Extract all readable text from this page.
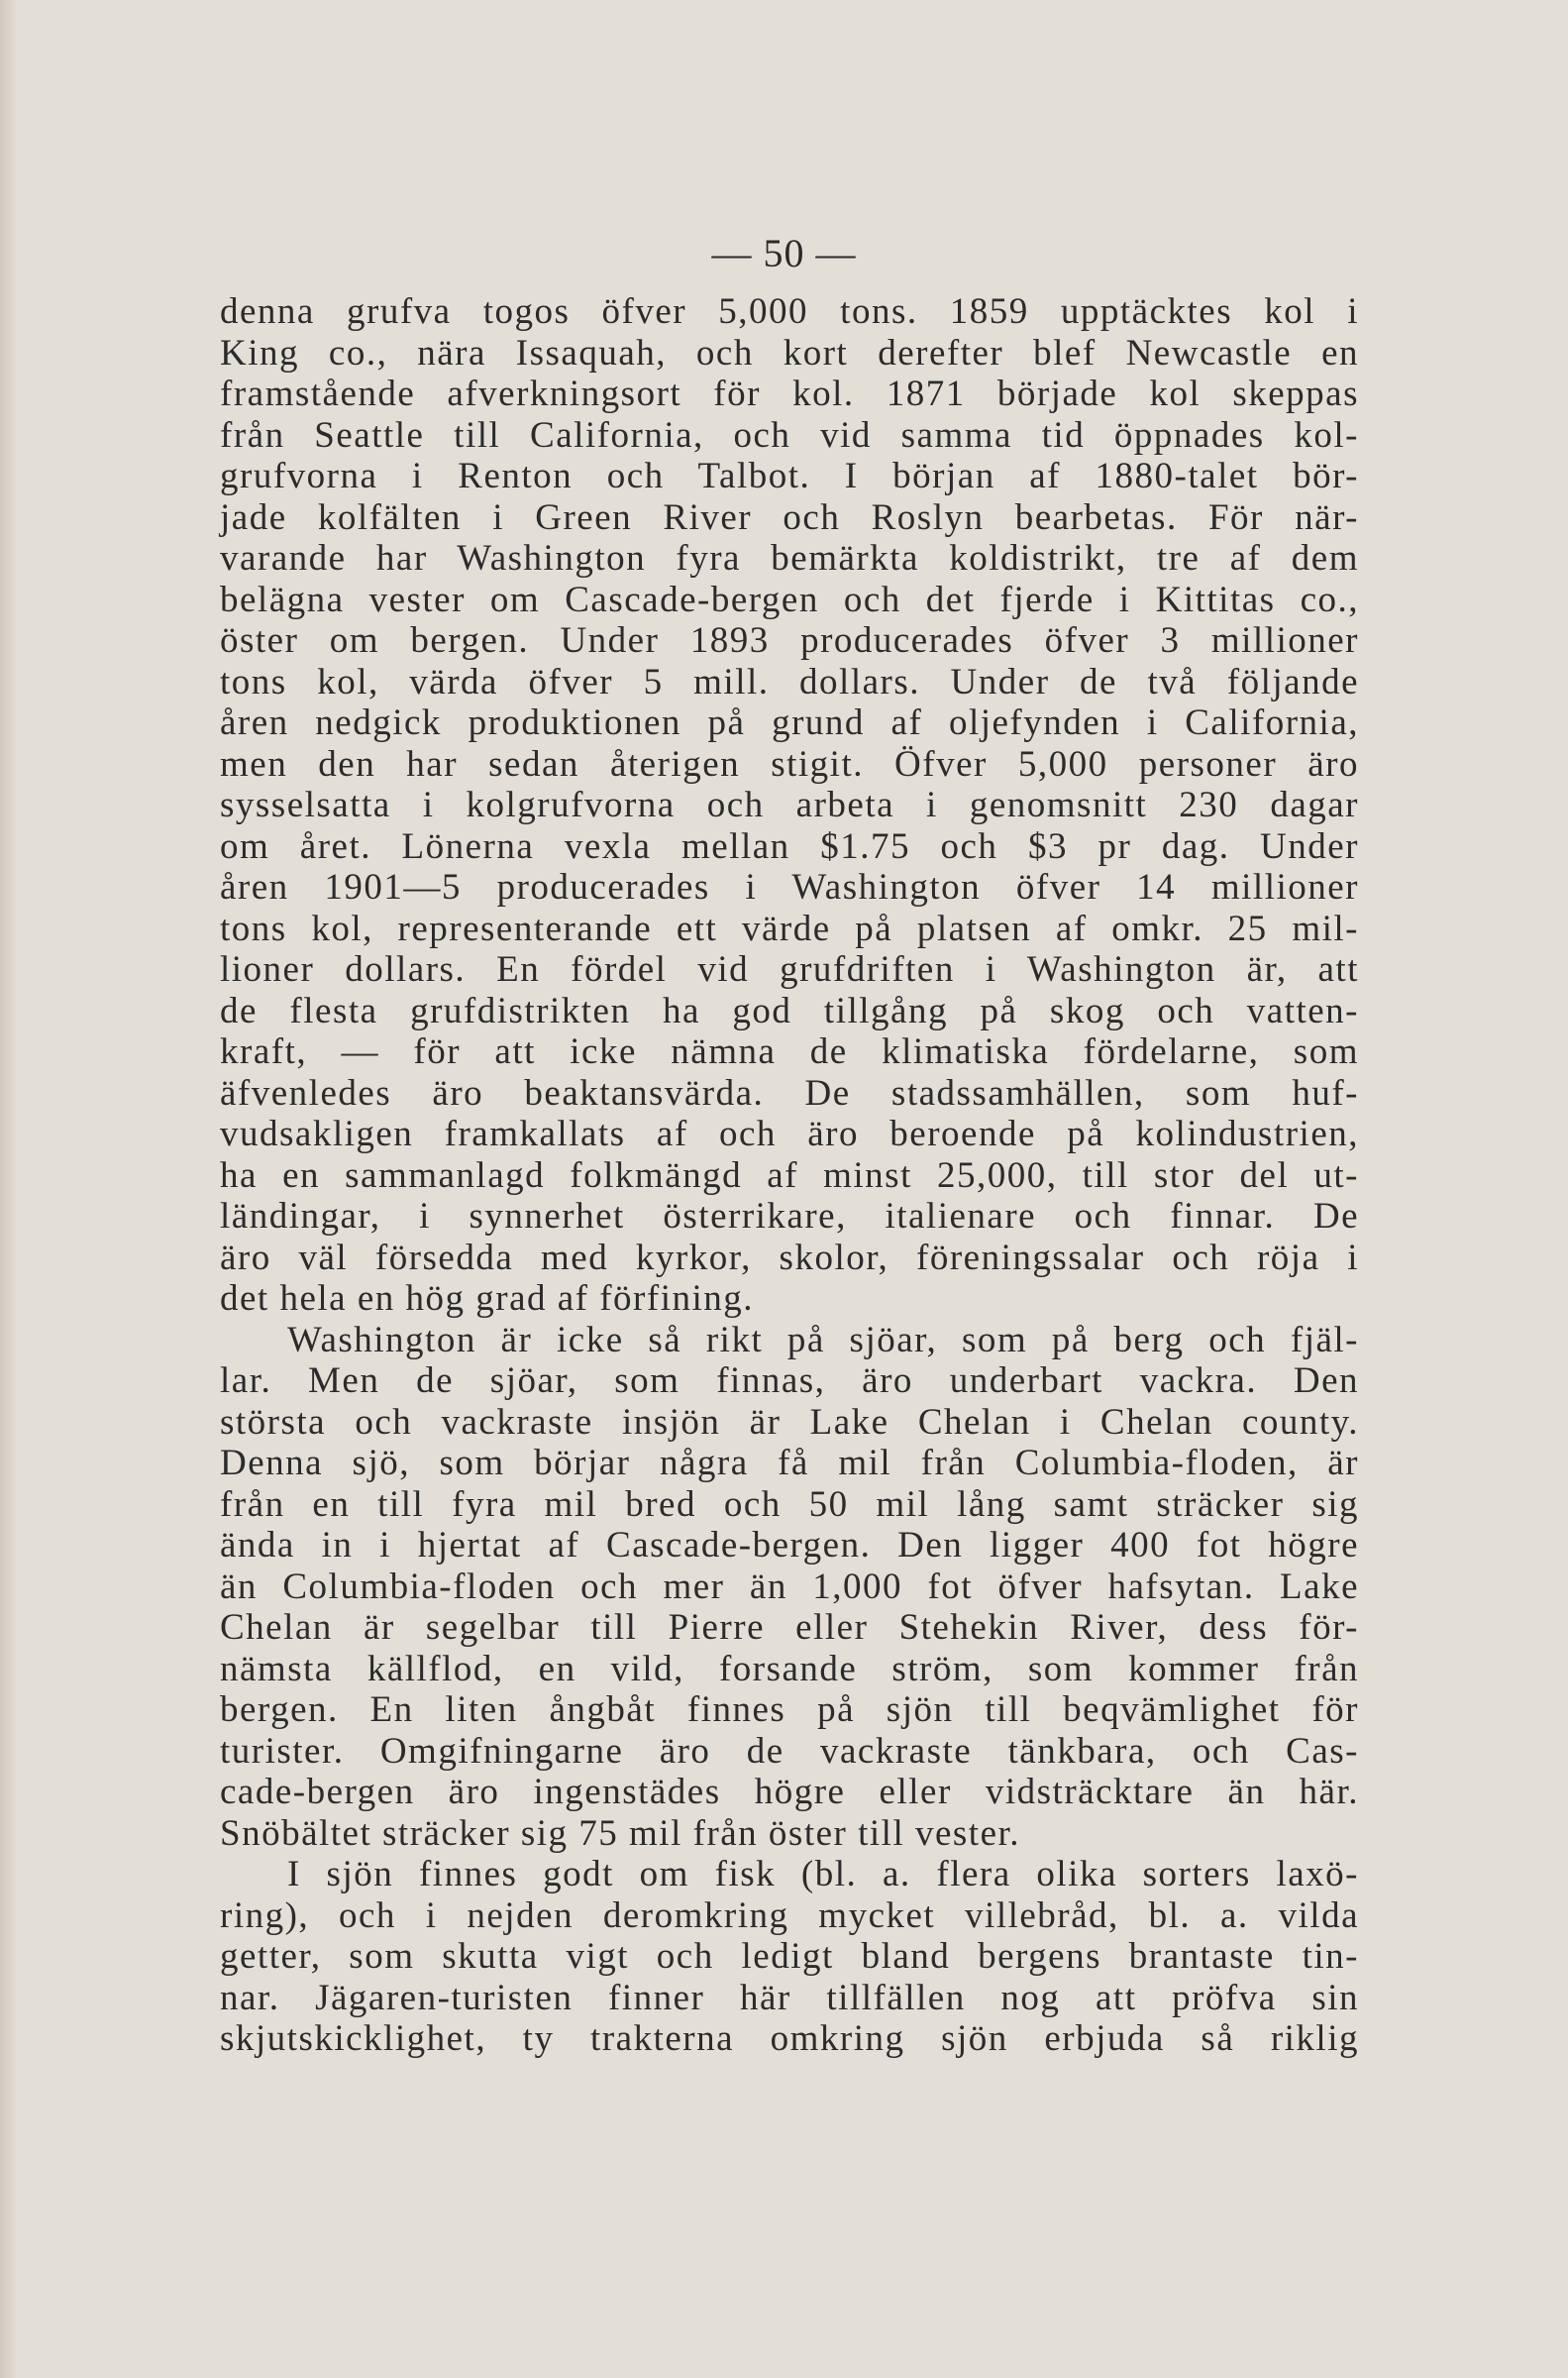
— 50 —
denna grufva togos öfver 5,000 tons. 1859 upptäcktes kol i
King co., nära Issaquah, och kort derefter blef Newcastle en
framstående afverkningsort för kol. 1871 började kol skeppas
från Seattle till California, och vid samma tid öppnades kol-
grufvorna i Renton och Talbot. I början af 1880-talet bör-
jade kolfälten i Green River och Roslyn bearbetas. För när-
varande har Washington fyra bemärkta koldistrikt, tre af dem
belägna vester om Cascade-bergen och det fjerde i Kittitas co.,
öster om bergen. Under 1893 producerades öfver 3 millioner
tons kol, värda öfver 5 mill. dollars. Under de två följande
åren nedgick produktionen på grund af oljefynden i California,
men den har sedan återigen stigit. Öfver 5,000 personer äro
sysselsatta i kolgrufvorna och arbeta i genomsnitt 230 dagar
om året. Lönerna vexla mellan $1.75 och $3 pr dag. Under
åren 1901—5 producerades i Washington öfver 14 millioner
tons kol, representerande ett värde på platsen af omkr. 25 mil-
lioner dollars. En fördel vid grufdriften i Washington är, att
de flesta grufdistrikten ha god tillgång på skog och vatten-
kraft, — för att icke nämna de klimatiska fördelarne, som
äfvenledes äro beaktansvärda. De stadssamhällen, som huf-
vudsakligen framkallats af och äro beroende på kolindustrien,
ha en sammanlagd folkmängd af minst 25,000, till stor del ut-
ländingar, i synnerhet österrikare, italienare och finnar. De
äro väl försedda med kyrkor, skolor, föreningssalar och röja i
det hela en hög grad af förfining.
Washington är icke så rikt på sjöar, som på berg och fjäl-
lar. Men de sjöar, som finnas, äro underbart vackra. Den
största och vackraste insjön är Lake Chelan i Chelan county.
Denna sjö, som börjar några få mil från Columbia-floden, är
från en till fyra mil bred och 50 mil lång samt sträcker sig
ända in i hjertat af Cascade-bergen. Den ligger 400 fot högre
än Columbia-floden och mer än 1,000 fot öfver hafsytan. Lake
Chelan är segelbar till Pierre eller Stehekin River, dess för-
nämsta källflod, en vild, forsande ström, som kommer från
bergen. En liten ångbåt finnes på sjön till beqvämlighet för
turister. Omgifningarne äro de vackraste tänkbara, och Cas-
cade-bergen äro ingenstädes högre eller vidsträcktare än här.
Snöbältet sträcker sig 75 mil från öster till vester.
I sjön finnes godt om fisk (bl. a. flera olika sorters laxö-
ring), och i nejden deromkring mycket villebråd, bl. a. vilda
getter, som skutta vigt och ledigt bland bergens brantaste tin-
nar. Jägaren-turisten finner här tillfällen nog att pröfva sin
skjutskicklighet, ty trakterna omkring sjön erbjuda så riklig
